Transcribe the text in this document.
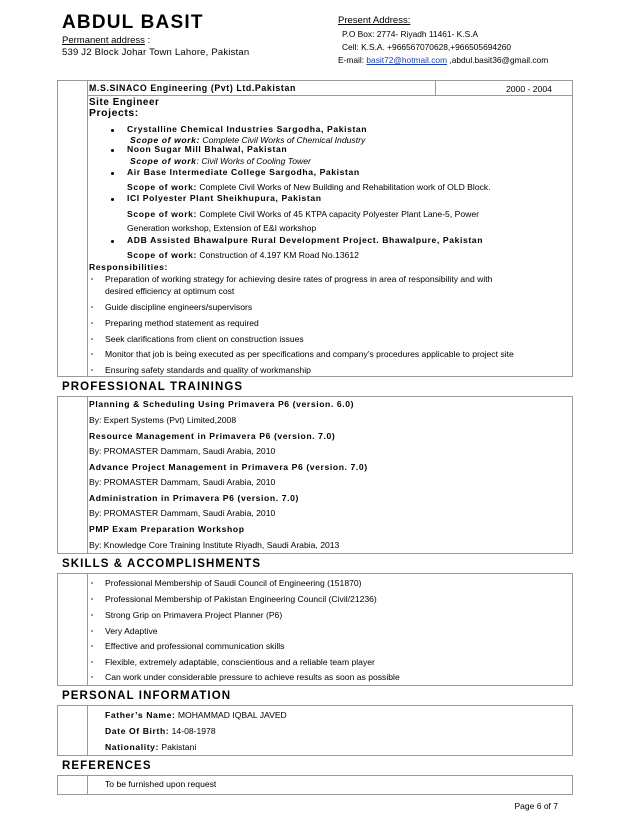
ABDUL BASIT
Permanent address :
539 J2 Block Johar Town Lahore, Pakistan
Present Address:
P.O Box: 2774- Riyadh 11461- K.S.A
Cell: K.S.A. +966567070628,+966505694260
E-mail: basit72@hotmail.com ,abdul.basit36@gmail.com
M.S.SINACO Engineering (Pvt) Ltd.Pakistan	2000 - 2004
Site Engineer
Projects:
Crystalline Chemical Industries Sargodha, Pakistan
Scope of work: Complete Civil Works of Chemical Industry
Noon Sugar Mill Bhalwal, Pakistan
Scope of work: Civil Works of Cooling Tower
Air Base Intermediate College Sargodha, Pakistan
Scope of work: Complete Civil Works of New Building and Rehabilitation work of OLD Block.
ICI Polyester Plant Sheikhupura, Pakistan
Scope of work: Complete Civil Works of 45 KTPA capacity Polyester Plant Lane-5, Power
Generation workshop, Extension of E&I workshop
ADB Assisted Bhawalpure Rural Development Project. Bhawalpure, Pakistan
Scope of work: Construction of 4.197 KM Road No.13612
Responsibilities:
Preparation of working strategy for achieving desire rates of progress in area of responsibility and with
desired efficiency at optimum cost
Guide discipline engineers/supervisors
Preparing method statement as required
Seek clarifications from client on construction issues
Monitor that job is being executed as per specifications and company’s procedures applicable to project site
Ensuring safety standards and quality of workmanship
PROFESSIONAL TRAININGS
Planning & Scheduling Using Primavera P6 (version. 6.0)
By: Expert Systems (Pvt) Limited,2008
Resource Management in Primavera P6 (version. 7.0)
By: PROMASTER Dammam, Saudi Arabia, 2010
Advance Project Management in Primavera P6 (version. 7.0)
By: PROMASTER Dammam, Saudi Arabia, 2010
Administration in Primavera P6 (version. 7.0)
By: PROMASTER Dammam, Saudi Arabia, 2010
PMP Exam Preparation Workshop
By: Knowledge Core Training Institute Riyadh, Saudi Arabia, 2013
SKILLS & ACCOMPLISHMENTS
Professional Membership of Saudi Council of Engineering (151870)
Professional Membership of Pakistan Engineering Council (Civil/21236)
Strong Grip on Primavera Project Planner (P6)
Very Adaptive
Effective and professional communication skills
Flexible, extremely adaptable, conscientious and a reliable team player
Can work under considerable pressure to achieve results as soon as possible
PERSONAL INFORMATION
Father’s Name: MOHAMMAD IQBAL JAVED
Date Of Birth: 14-08-1978
Nationality: Pakistani
REFERENCES
To be furnished upon request
Page 6 of 7
